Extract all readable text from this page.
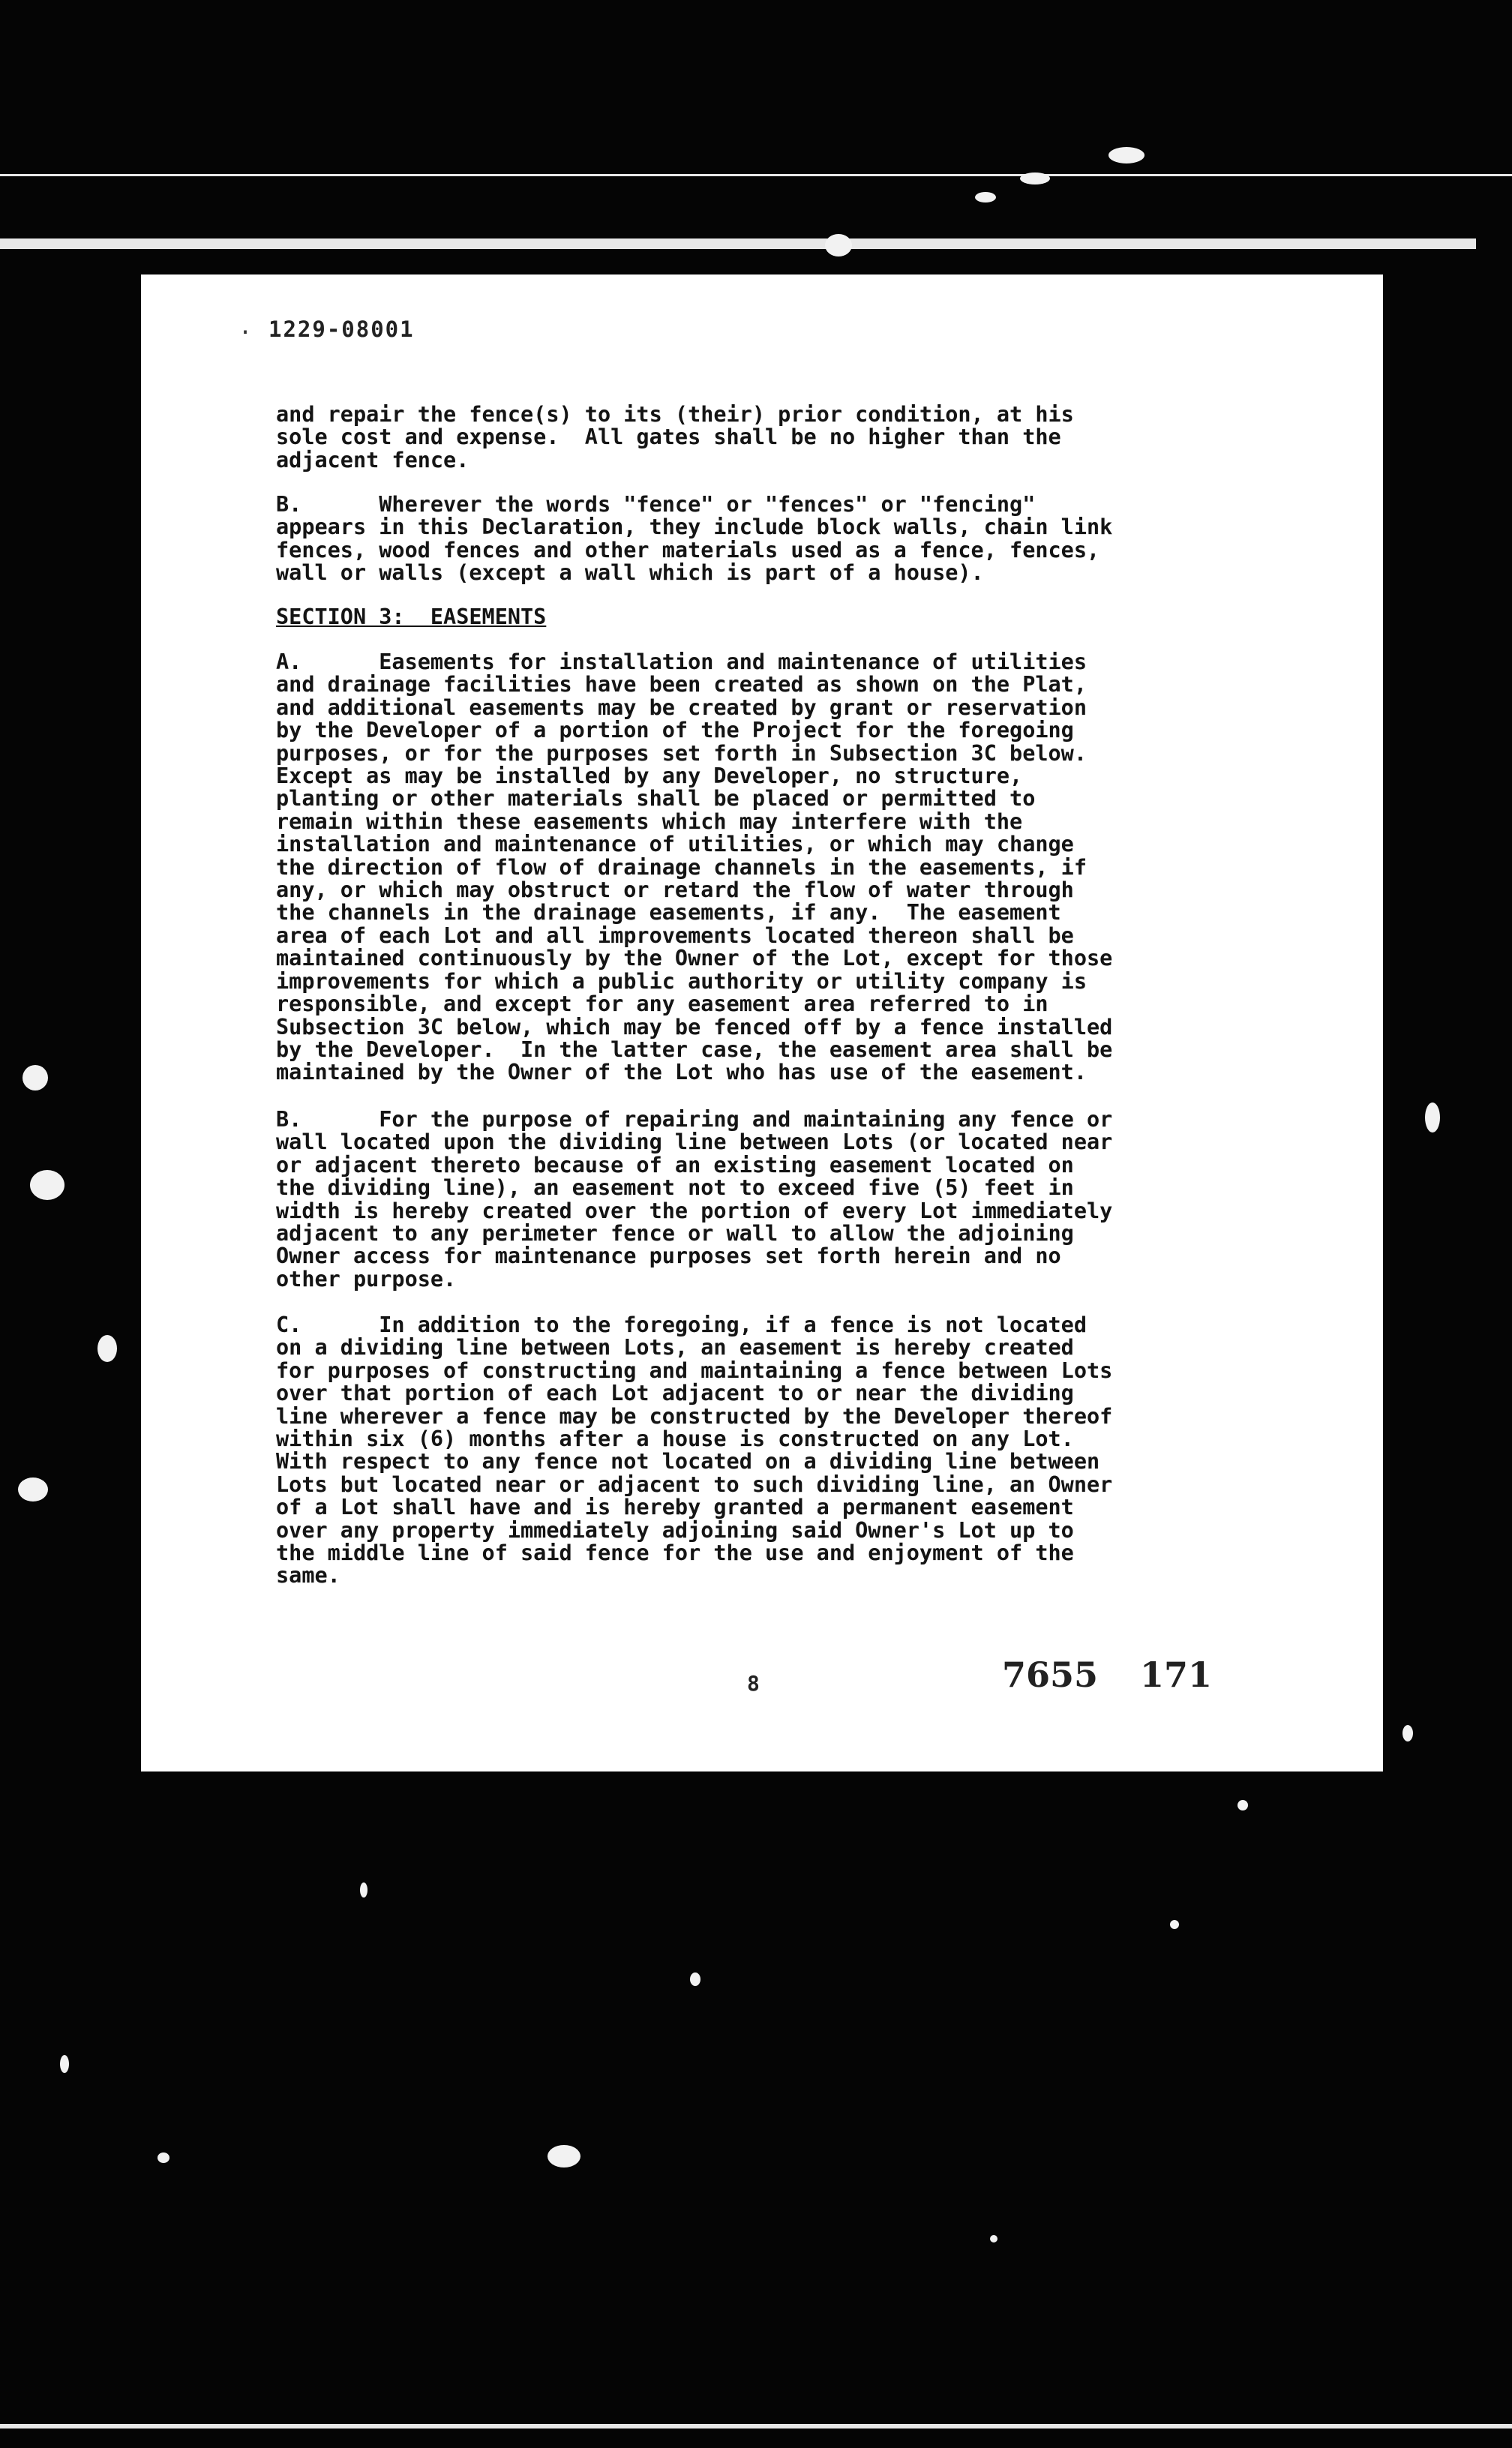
. 1229-08001
and repair the fence(s) to its (their) prior condition, at his
sole cost and expense.  All gates shall be no higher than the
adjacent fence.
B.      Wherever the words "fence" or "fences" or "fencing"
appears in this Declaration, they include block walls, chain link
fences, wood fences and other materials used as a fence, fences,
wall or walls (except a wall which is part of a house).
SECTION 3:  EASEMENTS
A.      Easements for installation and maintenance of utilities
and drainage facilities have been created as shown on the Plat,
and additional easements may be created by grant or reservation
by the Developer of a portion of the Project for the foregoing
purposes, or for the purposes set forth in Subsection 3C below.
Except as may be installed by any Developer, no structure,
planting or other materials shall be placed or permitted to
remain within these easements which may interfere with the
installation and maintenance of utilities, or which may change
the direction of flow of drainage channels in the easements, if
any, or which may obstruct or retard the flow of water through
the channels in the drainage easements, if any.  The easement
area of each Lot and all improvements located thereon shall be
maintained continuously by the Owner of the Lot, except for those
improvements for which a public authority or utility company is
responsible, and except for any easement area referred to in
Subsection 3C below, which may be fenced off by a fence installed
by the Developer.  In the latter case, the easement area shall be
maintained by the Owner of the Lot who has use of the easement.
B.      For the purpose of repairing and maintaining any fence or
wall located upon the dividing line between Lots (or located near
or adjacent thereto because of an existing easement located on
the dividing line), an easement not to exceed five (5) feet in
width is hereby created over the portion of every Lot immediately
adjacent to any perimeter fence or wall to allow the adjoining
Owner access for maintenance purposes set forth herein and no
other purpose.
C.      In addition to the foregoing, if a fence is not located
on a dividing line between Lots, an easement is hereby created
for purposes of constructing and maintaining a fence between Lots
over that portion of each Lot adjacent to or near the dividing
line wherever a fence may be constructed by the Developer thereof
within six (6) months after a house is constructed on any Lot.
With respect to any fence not located on a dividing line between
Lots but located near or adjacent to such dividing line, an Owner
of a Lot shall have and is hereby granted a permanent easement
over any property immediately adjoining said Owner's Lot up to
the middle line of said fence for the use and enjoyment of the
same.
8	7655 171
